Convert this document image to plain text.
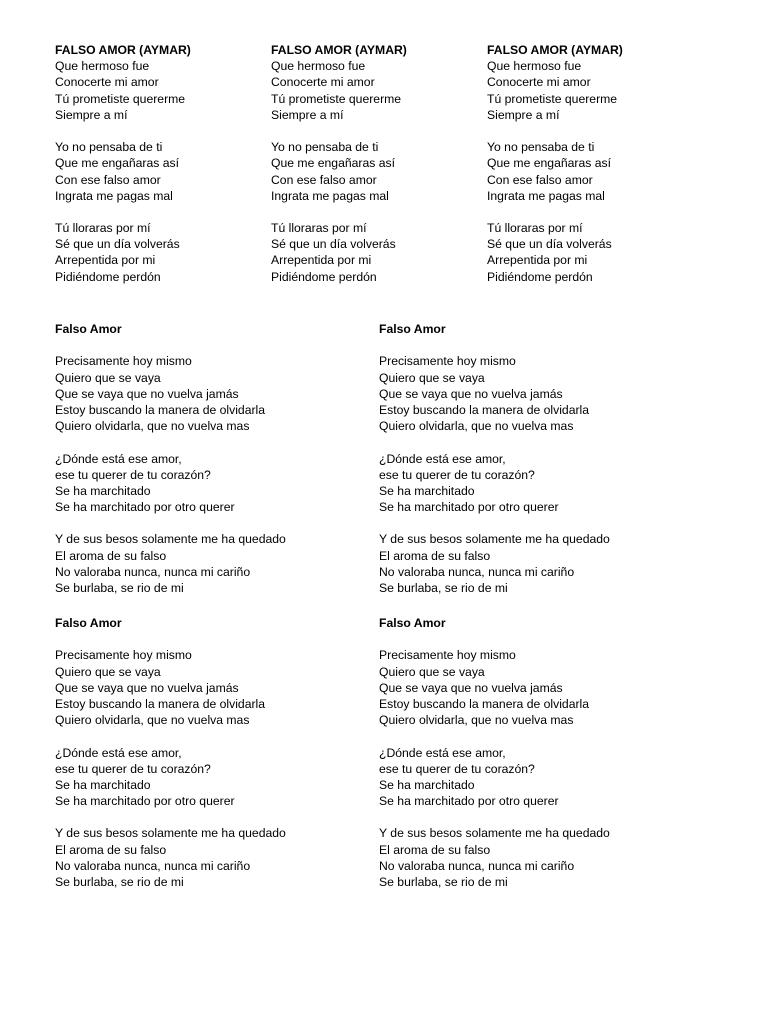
FALSO AMOR (AYMAR)
Que hermoso fue
Conocerte mi amor
Tú prometiste quererme
Siempre a mí
Yo no pensaba de ti
Que me engañaras así
Con ese falso amor
Ingrata me pagas mal
Tú lloraras por mí
Sé que un día volverás
Arrepentida por mi
Pidiéndome perdón
FALSO AMOR (AYMAR)
Que hermoso fue
Conocerte mi amor
Tú prometiste quererme
Siempre a mí
Yo no pensaba de ti
Que me engañaras así
Con ese falso amor
Ingrata me pagas mal
Tú lloraras por mí
Sé que un día volverás
Arrepentida por mi
Pidiéndome perdón
FALSO AMOR (AYMAR)
Que hermoso fue
Conocerte mi amor
Tú prometiste quererme
Siempre a mí
Yo no pensaba de ti
Que me engañaras así
Con ese falso amor
Ingrata me pagas mal
Tú lloraras por mí
Sé que un día volverás
Arrepentida por mi
Pidiéndome perdón
Falso Amor
Precisamente hoy mismo
Quiero que se vaya
Que se vaya que no vuelva jamás
Estoy buscando la manera de olvidarla
Quiero olvidarla, que no vuelva mas
¿Dónde está ese amor,
ese tu querer de tu corazón?
Se ha marchitado
Se ha marchitado por otro querer
Y de sus besos solamente me ha quedado
El aroma de su falso
No valoraba nunca, nunca mi cariño
Se burlaba, se rio de mi
Falso Amor
Precisamente hoy mismo
Quiero que se vaya
Que se vaya que no vuelva jamás
Estoy buscando la manera de olvidarla
Quiero olvidarla, que no vuelva mas
¿Dónde está ese amor,
ese tu querer de tu corazón?
Se ha marchitado
Se ha marchitado por otro querer
Y de sus besos solamente me ha quedado
El aroma de su falso
No valoraba nunca, nunca mi cariño
Se burlaba, se rio de mi
Falso Amor
Precisamente hoy mismo
Quiero que se vaya
Que se vaya que no vuelva jamás
Estoy buscando la manera de olvidarla
Quiero olvidarla, que no vuelva mas
¿Dónde está ese amor,
ese tu querer de tu corazón?
Se ha marchitado
Se ha marchitado por otro querer
Y de sus besos solamente me ha quedado
El aroma de su falso
No valoraba nunca, nunca mi cariño
Se burlaba, se rio de mi
Falso Amor
Precisamente hoy mismo
Quiero que se vaya
Que se vaya que no vuelva jamás
Estoy buscando la manera de olvidarla
Quiero olvidarla, que no vuelva mas
¿Dónde está ese amor,
ese tu querer de tu corazón?
Se ha marchitado
Se ha marchitado por otro querer
Y de sus besos solamente me ha quedado
El aroma de su falso
No valoraba nunca, nunca mi cariño
Se burlaba, se rio de mi
